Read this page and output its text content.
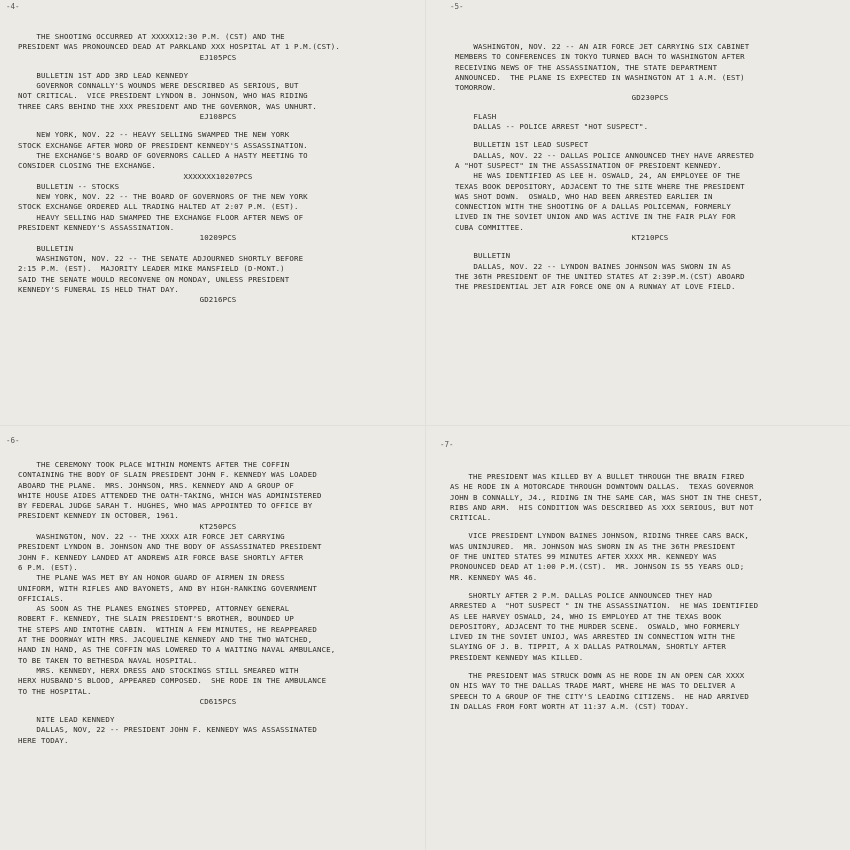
-4-
THE SHOOTING OCCURRED AT XXXXX12:30 P.M. (CST) AND THE
PRESIDENT WAS PRONOUNCED DEAD AT PARKLAND XXX HOSPITAL AT 1 P.M.(CST).
EJ105PCS
BULLETIN 1ST ADD 3RD LEAD KENNEDY
GOVERNOR CONNALLY'S WOUNDS WERE DESCRIBED AS SERIOUS, BUT
NOT CRITICAL.  VICE PRESIDENT LYNDON B. JOHNSON, WHO WAS RIDING
THREE CARS BEHIND THE XXX PRESIDENT AND THE GOVERNOR, WAS UNHURT.
EJ108PCS
NEW YORK, NOV. 22 -- HEAVY SELLING SWAMPED THE NEW YORK
STOCK EXCHANGE AFTER WORD OF PRESIDENT KENNEDY'S ASSASSINATION.
THE EXCHANGE'S BOARD OF GOVERNORS CALLED A HASTY MEETING TO
CONSIDER CLOSING THE EXCHANGE.
XXXXXXX10207PCS
BULLETIN -- STOCKS
NEW YORK, NOV. 22 -- THE BOARD OF GOVERNORS OF THE NEW YORK
STOCK EXCHANGE ORDERED ALL TRADING HALTED AT 2:07 P.M. (EST).
HEAVY SELLING HAD SWAMPED THE EXCHANGE FLOOR AFTER NEWS OF
PRESIDENT KENNEDY'S ASSASSINATION.
10209PCS
BULLETIN
WASHINGTON, NOV. 22 -- THE SENATE ADJOURNED SHORTLY BEFORE
2:15 P.M. (EST).  MAJORITY LEADER MIKE MANSFIELD (D-MONT.)
SAID THE SENATE WOULD RECONVENE ON MONDAY, UNLESS PRESIDENT
KENNEDY'S FUNERAL IS HELD THAT DAY.
GD216PCS
-5-
WASHINGTON, NOV. 22 -- AN AIR FORCE JET CARRYING SIX CABINET
MEMBERS TO CONFERENCES IN TOKYO TURNED BACH TO WASHINGTON AFTER
RECEIVING NEWS OF THE ASSASSINATION, THE STATE DEPARTMENT
ANNOUNCED.  THE PLANE IS EXPECTED IN WASHINGTON AT 1 A.M. (EST)
TOMORROW.
GD230PCS
FLASH
DALLAS -- POLICE ARREST "HOT SUSPECT".
BULLETIN 1ST LEAD SUSPECT
DALLAS, NOV. 22 -- DALLAS POLICE ANNOUNCED THEY HAVE ARRESTED
A "HOT SUSPECT" IN THE ASSASSINATION OF PRESIDENT KENNEDY.
HE WAS IDENTIFIED AS LEE H. OSWALD, 24, AN EMPLOYEE OF THE
TEXAS BOOK DEPOSITORY, ADJACENT TO THE SITE WHERE THE PRESIDENT
WAS SHOT DOWN.  OSWALD, WHO HAD BEEN ARRESTED EARLIER IN
CONNECTION WITH THE SHOOTING OF A DALLAS POLICEMAN, FORMERLY
LIVED IN THE SOVIET UNION AND WAS ACTIVE IN THE FAIR PLAY FOR
CUBA COMMITTEE.
KT210PCS
BULLETIN
DALLAS, NOV. 22 -- LYNDON BAINES JOHNSON WAS SWORN IN AS
THE 36TH PRESIDENT OF THE UNITED STATES AT 2:39P.M.(CST) ABOARD
THE PRESIDENTIAL JET AIR FORCE ONE ON A RUNWAY AT LOVE FIELD.
-6-
THE CEREMONY TOOK PLACE WITHIN MOMENTS AFTER THE COFFIN
CONTAINING THE BODY OF SLAIN PRESIDENT JOHN F. KENNEDY WAS LOADED
ABOARD THE PLANE.  MRS. JOHNSON, MRS. KENNEDY AND A GROUP OF
WHITE HOUSE AIDES ATTENDED THE OATH-TAKING, WHICH WAS ADMINISTERED
BY FEDERAL JUDGE SARAH T. HUGHES, WHO WAS APPOINTED TO OFFICE BY
PRESIDENT KENNEDY IN OCTOBER, 1961.
KT250PCS
WASHINGTON, NOV. 22 -- THE XXXX AIR FORCE JET CARRYING
PRESIDENT LYNDON B. JOHNSON AND THE BODY OF ASSASSINATED PRESIDENT
JOHN F. KENNEDY LANDED AT ANDREWS AIR FORCE BASE SHORTLY AFTER
6 P.M. (EST).
THE PLANE WAS MET BY AN HONOR GUARD OF AIRMEN IN DRESS
UNIFORM, WITH RIFLES AND BAYONETS, AND BY HIGH-RANKING GOVERNMENT
OFFICIALS.
AS SOON AS THE PLANES ENGINES STOPPED, ATTORNEY GENERAL
ROBERT F. KENNEDY, THE SLAIN PRESIDENT'S BROTHER, BOUNDED UP
THE STEPS AND INTOTHE CABIN.  WITHIN A FEW MINUTES, HE REAPPEARED
AT THE DOORWAY WITH MRS. JACQUELINE KENNEDY AND THE TWO WATCHED,
HAND IN HAND, AS THE COFFIN WAS LOWERED TO A WAITING NAVAL AMBULANCE,
TO BE TAKEN TO BETHESDA NAVAL HOSPITAL.
MRS. KENNEDY, HERX DRESS AND STOCKINGS STILL SMEARED WITH
HERX HUSBAND'S BLOOD, APPEARED COMPOSED.  SHE RODE IN THE AMBULANCE
TO THE HOSPITAL.
CD615PCS
NITE LEAD KENNEDY
DALLAS, NOV, 22 -- PRESIDENT JOHN F. KENNEDY WAS ASSASSINATED
HERE TODAY.
-7-
THE PRESIDENT WAS KILLED BY A BULLET THROUGH THE BRAIN FIRED
AS HE RODE IN A MOTORCADE THROUGH DOWNTOWN DALLAS.  TEXAS GOVERNOR
JOHN B CONNALLY, J4., RIDING IN THE SAME CAR, WAS SHOT IN THE CHEST,
RIBS AND ARM.  HIS CONDITION WAS DESCRIBED AS XXX SERIOUS, BUT NOT
CRITICAL.
VICE PRESIDENT LYNDON BAINES JOHNSON, RIDING THREE CARS BACK,
WAS UNINJURED.  MR. JOHNSON WAS SWORN IN AS THE 36TH PRESIDENT
OF THE UNITED STATES 99 MINUTES AFTER XXXX MR. KENNEDY WAS
PRONOUNCED DEAD AT 1:00 P.M.(CST).  MR. JOHNSON IS 55 YEARS OLD;
MR. KENNEDY WAS 46.
SHORTLY AFTER 2 P.M. DALLAS POLICE ANNOUNCED THEY HAD
ARRESTED A  "HOT SUSPECT " IN THE ASSASSINATION.  HE WAS IDENTIFIED
AS LEE HARVEY OSWALD, 24, WHO IS EMPLOYED AT THE TEXAS BOOK
DEPOSITORY, ADJACENT TO THE MURDER SCENE.  OSWALD, WHO FORMERLY
LIVED IN THE SOVIET UNIOJ, WAS ARRESTED IN CONNECTION WITH THE
SLAYING OF J. B. TIPPIT, A X DALLAS PATROLMAN, SHORTLY AFTER
PRESIDENT KENNEDY WAS KILLED.
THE PRESIDENT WAS STRUCK DOWN AS HE RODE IN AN OPEN CAR XXXX
ON HIS WAY TO THE DALLAS TRADE MART, WHERE HE WAS TO DELIVER A
SPEECH TO A GROUP OF THE CITY'S LEADING CITIZENS.  HE HAD ARRIVED
IN DALLAS FROM FORT WORTH AT 11:37 A.M. (CST) TODAY.
